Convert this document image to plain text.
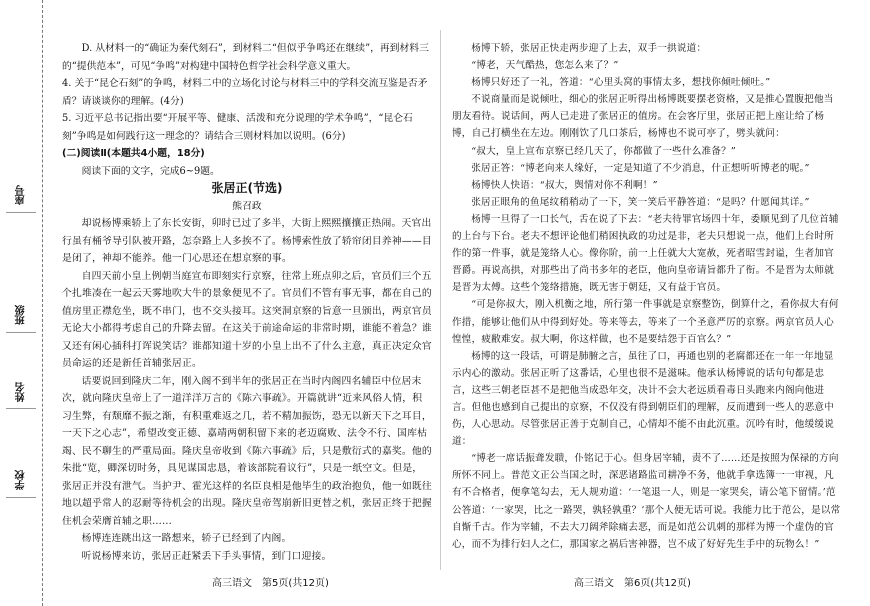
座号
班级
姓名
学校

D. 从材料一的“确证为秦代刻石”，到材料二“但似乎争鸣还在继续”，再到材料三的“提供范本”，可见“争鸣”对构建中国特色哲学社会科学意义重大。

4. 关于“昆仑石刻”的争鸣，材料二中的立场化讨论与材料三中的学科交流互鉴是否矛盾？请谈谈你的理解。(4分)

5. 习近平总书记指出要“开展平等、健康、活泼和充分说理的学术争鸣”，“昆仑石刻”争鸣是如何践行这一理念的？请结合三则材料加以说明。(6分)

(二)阅读Ⅱ(本题共4小题，18分)

阅读下面的文字，完成6~9题。

张居正(节选)

熊召政

却说杨博乘轿上了东长安街，卯时已过了多半，大街上熙熙攘攘正热闹。天官出行虽有桶爷导引队被开路，怎奈路上人多挨不了。杨博索性放了轿帘闭目养神——目是闭了，神却不能养。他一门心思还在想京察的事。

自四天前小皇上例朝当庭宣布即刻实行京察，往常上班点卯之后，官员们三个五个扎堆凑在一起云天雾地吹大牛的景象便见不了。官员们不管有事无事，都在自己的值房里正襟危坐，既不串门，也不交头接耳。这突洞京察的旨意一旦颁出，两京官员无论大小都得考虑自己的升降去留。在这关于前途命运的非常时期，谁能不着急？谁又还有闲心插科打诨说笑话？谁都知道十岁的小皇上出不了什么主意，真正决定众官员命运的还是新任首辅张居正。

话要说回到隆庆二年，刚入阁不到半年的张居正在当时内阁四名辅臣中位居末次，就向隆庆皇帝上了一道洋洋万言的《陈六事疏》。开篇就讲“近来风俗人情，积习生弊，有颓靡不振之渐，有积重难返之几，若不精加振饬，恐无以新天下之耳目，一天下之心志”，希望改变正德、嘉靖两朝积留下来的老迈腐败、法令不行、国库枯竭、民不聊生的严重局面。隆庆皇帝收到《陈六事疏》后，只是敷衍式的嘉奖。他的朱批“览，卿深切时务，具见谋国忠恳，着该部院看议行”，只是一纸空文。但是，张居正并没有泄气。当护尹、霍光这样的名臣良相是他毕生的政治抱负，他一如既往地以超乎常人的忍耐等待机会的出现。隆庆皇帝驾崩新旧更替之机，张居正终于把握住机会荣膺首辅之职……

杨博连连跳出这一路想来，轿子已经到了内阁。

听说杨博来访，张居正赶紧丢下手头事情，到门口迎接。

杨博下轿，张居正快走两步迎了上去，双手一拱说道：

“博老，天气酷热，您怎么来了？”

杨博只好还了一礼，答道：“心里头窝的事情太多，想找你倾吐倾吐。”

不说商量而是说倾吐，细心的张居正听得出杨博既要摆老资格，又是推心置腹把他当朋友看待。说话间，两人已走进了张居正的值房。在会客厅里，张居正把上座让给了杨博，自己打横坐在左边。刚刚饮了几口茶后，杨博也不说可亭了，劈头就问：

“叔大，皇上宣布京察已经几天了，你都做了一些什么准备？”

张居正答：“博老向来人缘好，一定是知道了不少消息，什正想听听博老的呢。”

杨博快人快语：“叔大，舆情对你不利啊！”

张居正眼角的鱼尾纹稍稍动了一下，笑一笑后平静答道：“是吗？什愿闻其详。”

杨博一旦得了一口长气，舌在说了下去：“老夫待罪官场四十年，委顺见到了几位首辅的上台与下台。老夫不想评论他们稍困执政的功过是非，老夫只想说一点，他们上台时所作的第一件事，就是笼络人心。像你阶，前一上任就大大宽赦，死者昭雪封谥，生者加官晋爵。再说高拱，对那些出了尚书多年的老臣，他向皇帝请旨都升了衔。不是晋为太师就是晋为太傅。这些个笼络措施，既无害于朝廷，又有益于官员。

“可是你叔大，刚入机衡之地，所行第一件事就是京察整饬，倒算什之，看你叔大有何作措，能够让他们从中得到好处。等来等去，等来了一个圣意严厉的京察。两京官员人心惶惶，疲敝难安。叔大啊，你这样做，也不是要结怨于百官么？”

杨博的这一段话，可谓是肺腑之言，虽往了口，再通也别的老腐都还在一年一年地显示内心的激动。张居正听了这番话，心里也很不是滋味。他承认杨博说的话句句都是忠言，这些三朝老臣甚不是把他当成恐年交，决计不会大老远质看毒日头跑来内阁向他进言。但他也感到自己提出的京察，不仅没有得到朝臣们的理解，反而遭到一些人的恶意中伤，人心思动。尽管张居正善于克制自己，心情却不能不由此沉重。沉吟有时，他缓缓说道：

“博老一席话振聋发聩，仆铭记于心。但身居宰辅，责不了……还是按照为保禄的方向所怀不同上。普范文正公当国之时，深恶诸路监司耕净不务，他就手拿选簿一一审视，凡有不合格者，便拿笔勾去，无人规劝道：‘一笔退一人，则是一家哭矣，请公笔下留情。’范公答道：‘一家哭，比之一路哭，孰轻孰重？’那个人便无话可说。我能力比于范公，是以常自惭千古。作为宰辅，不去大刀阔斧除痛去恶，而是如范公讥刺的那样为博一个虚伪的官心，而不为排行妇人之仁，那国家之祸后害神器，岂不成了好好先生手中的玩物么！”

高三语文　第5页(共12页)	高三语文　第6页(共12页)
